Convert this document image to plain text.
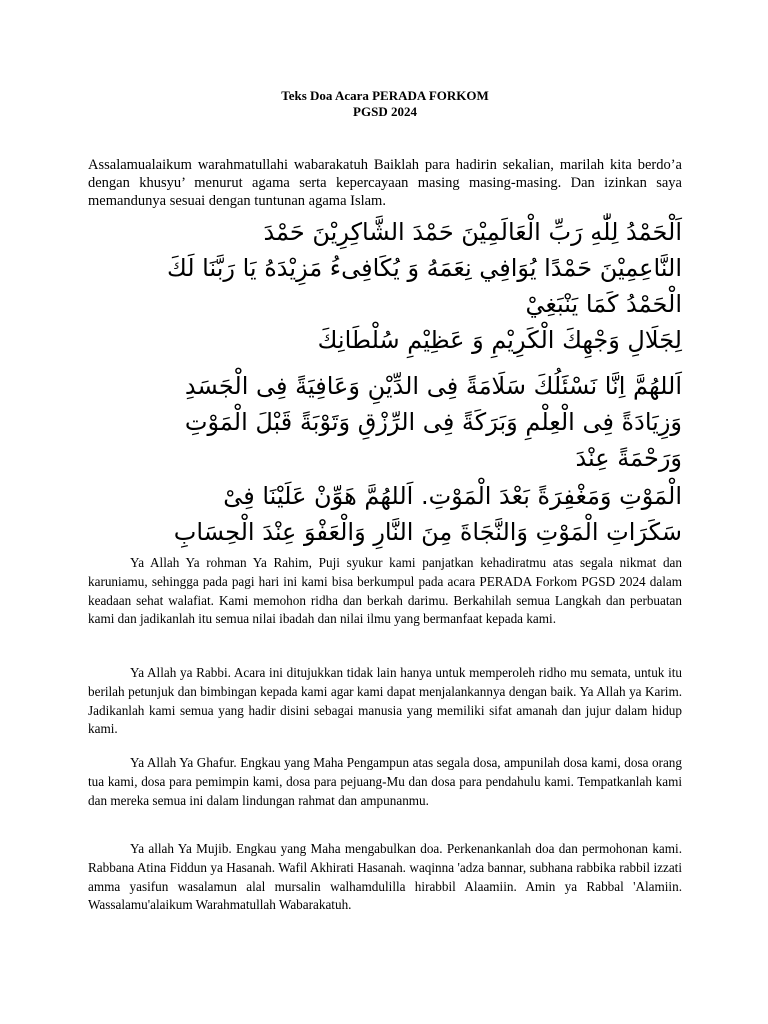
Teks Doa Acara PERADA FORKOM
PGSD 2024
Assalamualaikum warahmatullahi wabarakatuh Baiklah para hadirin sekalian, marilah kita berdo’a dengan khusyu’ menurut agama serta kepercayaan masing masing-masing. Dan izinkan saya memandunya sesuai dengan tuntunan agama Islam.
اَلْحَمْدُ لِلّٰهِ رَبِّ الْعَالَمِيْنَ حَمْدَ الشَّاكِرِيْنَ حَمْدَ
النَّاعِمِيْنَ حَمْدًا يُوَافِي نِعَمَهُ وَ يُكَافِىءُ مَزِيْدَهُ يَا رَبَّنَا لَكَ
الْحَمْدُ كَمَا يَنْبَغِيْ
لِجَلَالِ وَجْهِكَ الْكَرِيْمِ وَ عَظِيْمِ سُلْطَانِكَ
اَللهُمَّ اِنَّا نَسْئَلُكَ سَلَامَةً فِى الدِّيْنِ وَعَافِيَةً فِى الْجَسَدِ
وَزِيَادَةً فِى الْعِلْمِ وَبَرَكَةً فِى الرِّزْقِ وَتَوْبَةً قَبْلَ الْمَوْتِ
وَرَحْمَةً عِنْدَ
الْمَوْتِ وَمَغْفِرَةً بَعْدَ الْمَوْتِ. اَللهُمَّ هَوِّنْ عَلَيْنَا فِىْ
سَكَرَاتِ الْمَوْتِ وَالنَّجَاةَ مِنَ النَّارِ وَالْعَفْوَ عِنْدَ الْحِسَابِ
Ya Allah Ya rohman Ya Rahim, Puji syukur kami panjatkan kehadiratmu atas segala nikmat dan karuniamu, sehingga pada pagi hari ini kami bisa berkumpul pada acara PERADA Forkom PGSD 2024 dalam keadaan sehat walafiat. Kami memohon ridha dan berkah darimu. Berkahilah semua Langkah dan perbuatan kami dan jadikanlah itu semua nilai ibadah dan nilai ilmu yang bermanfaat kepada kami.
Ya Allah ya Rabbi. Acara ini ditujukkan tidak lain hanya untuk memperoleh ridho mu semata, untuk itu berilah petunjuk dan bimbingan kepada kami agar kami dapat menjalankannya dengan baik. Ya Allah ya Karim. Jadikanlah kami semua yang hadir disini sebagai manusia yang memiliki sifat amanah dan jujur dalam hidup kami.
Ya Allah Ya Ghafur. Engkau yang Maha Pengampun atas segala dosa, ampunilah dosa kami, dosa orang tua kami, dosa para pemimpin kami, dosa para pejuang-Mu dan dosa para pendahulu kami. Tempatkanlah kami dan mereka semua ini dalam lindungan rahmat dan ampunanmu.
Ya allah Ya Mujib. Engkau yang Maha mengabulkan doa. Perkenankanlah doa dan permohonan kami. Rabbana Atina Fiddun ya Hasanah. Wafil Akhirati Hasanah. waqinna 'adza bannar, subhana rabbika rabbil izzati amma yasifun wasalamun alal mursalin walhamdulilla hirabbil Alaamiin. Amin ya Rabbal 'Alamiin. Wassalamu'alaikum Warahmatullah Wabarakatuh.
